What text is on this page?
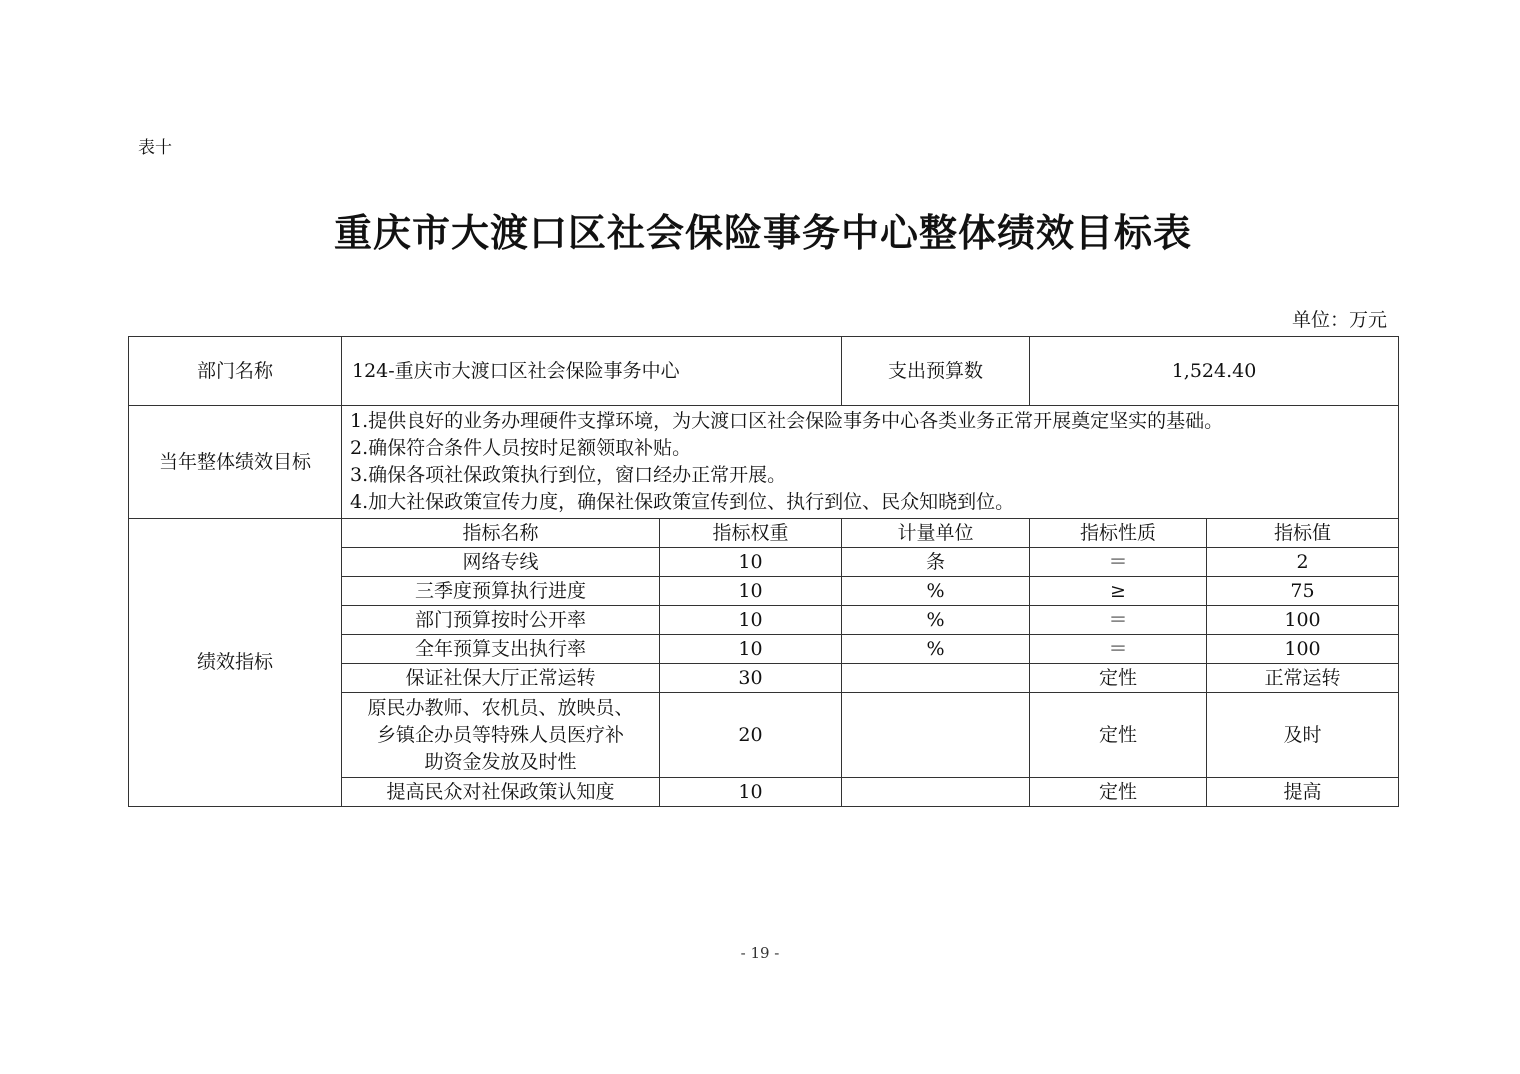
表十
重庆市大渡口区社会保险事务中心整体绩效目标表
单位：万元
部门名称	124-重庆市大渡口区社会保险事务中心		支出预算数	1,524.40	
当年整体绩效目标	1.提供良好的业务办理硬件支撑环境，为大渡口区社会保险事务中心各类业务正常开展奠定坚实的基础。
2.确保符合条件人员按时足额领取补贴。
3.确保各项社保政策执行到位，窗口经办正常开展。
4.加大社保政策宣传力度，确保社保政策宣传到位、执行到位、民众知晓到位。				

绩效指标	指标名称	指标权重	计量单位	指标性质	指标值
	网络专线	10	条	＝	2
	三季度预算执行进度	10	%	≥	75
	部门预算按时公开率	10	%	＝	100
	全年预算支出执行率	10	%	＝	100
	保证社保大厅正常运转	30		定性	正常运转

	原民办教师、农机员、放映员、
乡镇企办员等特殊人员医疗补
助资金发放及时性	20		定性	及时
	提高民众对社保政策认知度	10		定性	提高
- 19 -
